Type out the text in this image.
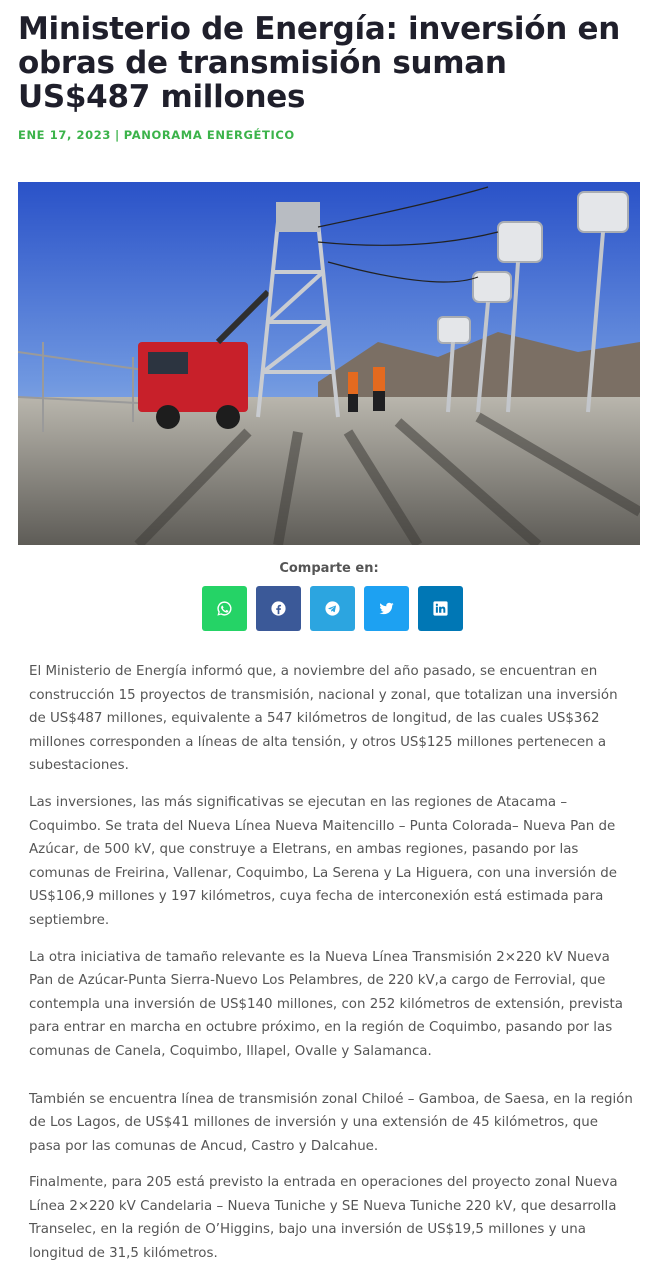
Ministerio de Energía: inversión en obras de transmisión suman US$487 millones
ENE 17, 2023 | PANORAMA ENERGÉTICO
Comparte en:

El Ministerio de Energía informó que, a noviembre del año pasado, se encuentran en construcción 15 proyectos de transmisión, nacional y zonal, que totalizan una inversión de US$487 millones, equivalente a 547 kilómetros de longitud, de las cuales US$362 millones corresponden a líneas de alta tensión, y otros US$125 millones pertenecen a subestaciones.

Las inversiones, las más significativas se ejecutan en las regiones de Atacama –Coquimbo. Se trata del Nueva Línea Nueva Maitencillo – Punta Colorada– Nueva Pan de Azúcar, de 500 kV, que construye a Eletrans, en ambas regiones, pasando por las comunas de Freirina, Vallenar, Coquimbo, La Serena y La Higuera, con una inversión de US$106,9 millones y 197 kilómetros, cuya fecha de interconexión está estimada para septiembre.

La otra iniciativa de tamaño relevante es la Nueva Línea Transmisión 2×220 kV Nueva Pan de Azúcar-Punta Sierra-Nuevo Los Pelambres, de 220 kV,a cargo de Ferrovial, que contempla una inversión de US$140 millones, con 252 kilómetros de extensión, prevista para entrar en marcha en octubre próximo, en la región de Coquimbo, pasando por las comunas de Canela, Coquimbo, Illapel, Ovalle y Salamanca.

También se encuentra línea de transmisión zonal Chiloé – Gamboa, de Saesa, en la región de Los Lagos, de US$41 millones de inversión y una extensión de 45 kilómetros, que pasa por las comunas de Ancud, Castro y Dalcahue.

Finalmente, para 205 está previsto la entrada en operaciones del proyecto zonal Nueva Línea 2×220 kV Candelaria – Nueva Tuniche y SE Nueva Tuniche 220 kV, que desarrolla Transelec, en la región de O’Higgins, bajo una inversión de US$19,5 millones y una longitud de 31,5 kilómetros.
